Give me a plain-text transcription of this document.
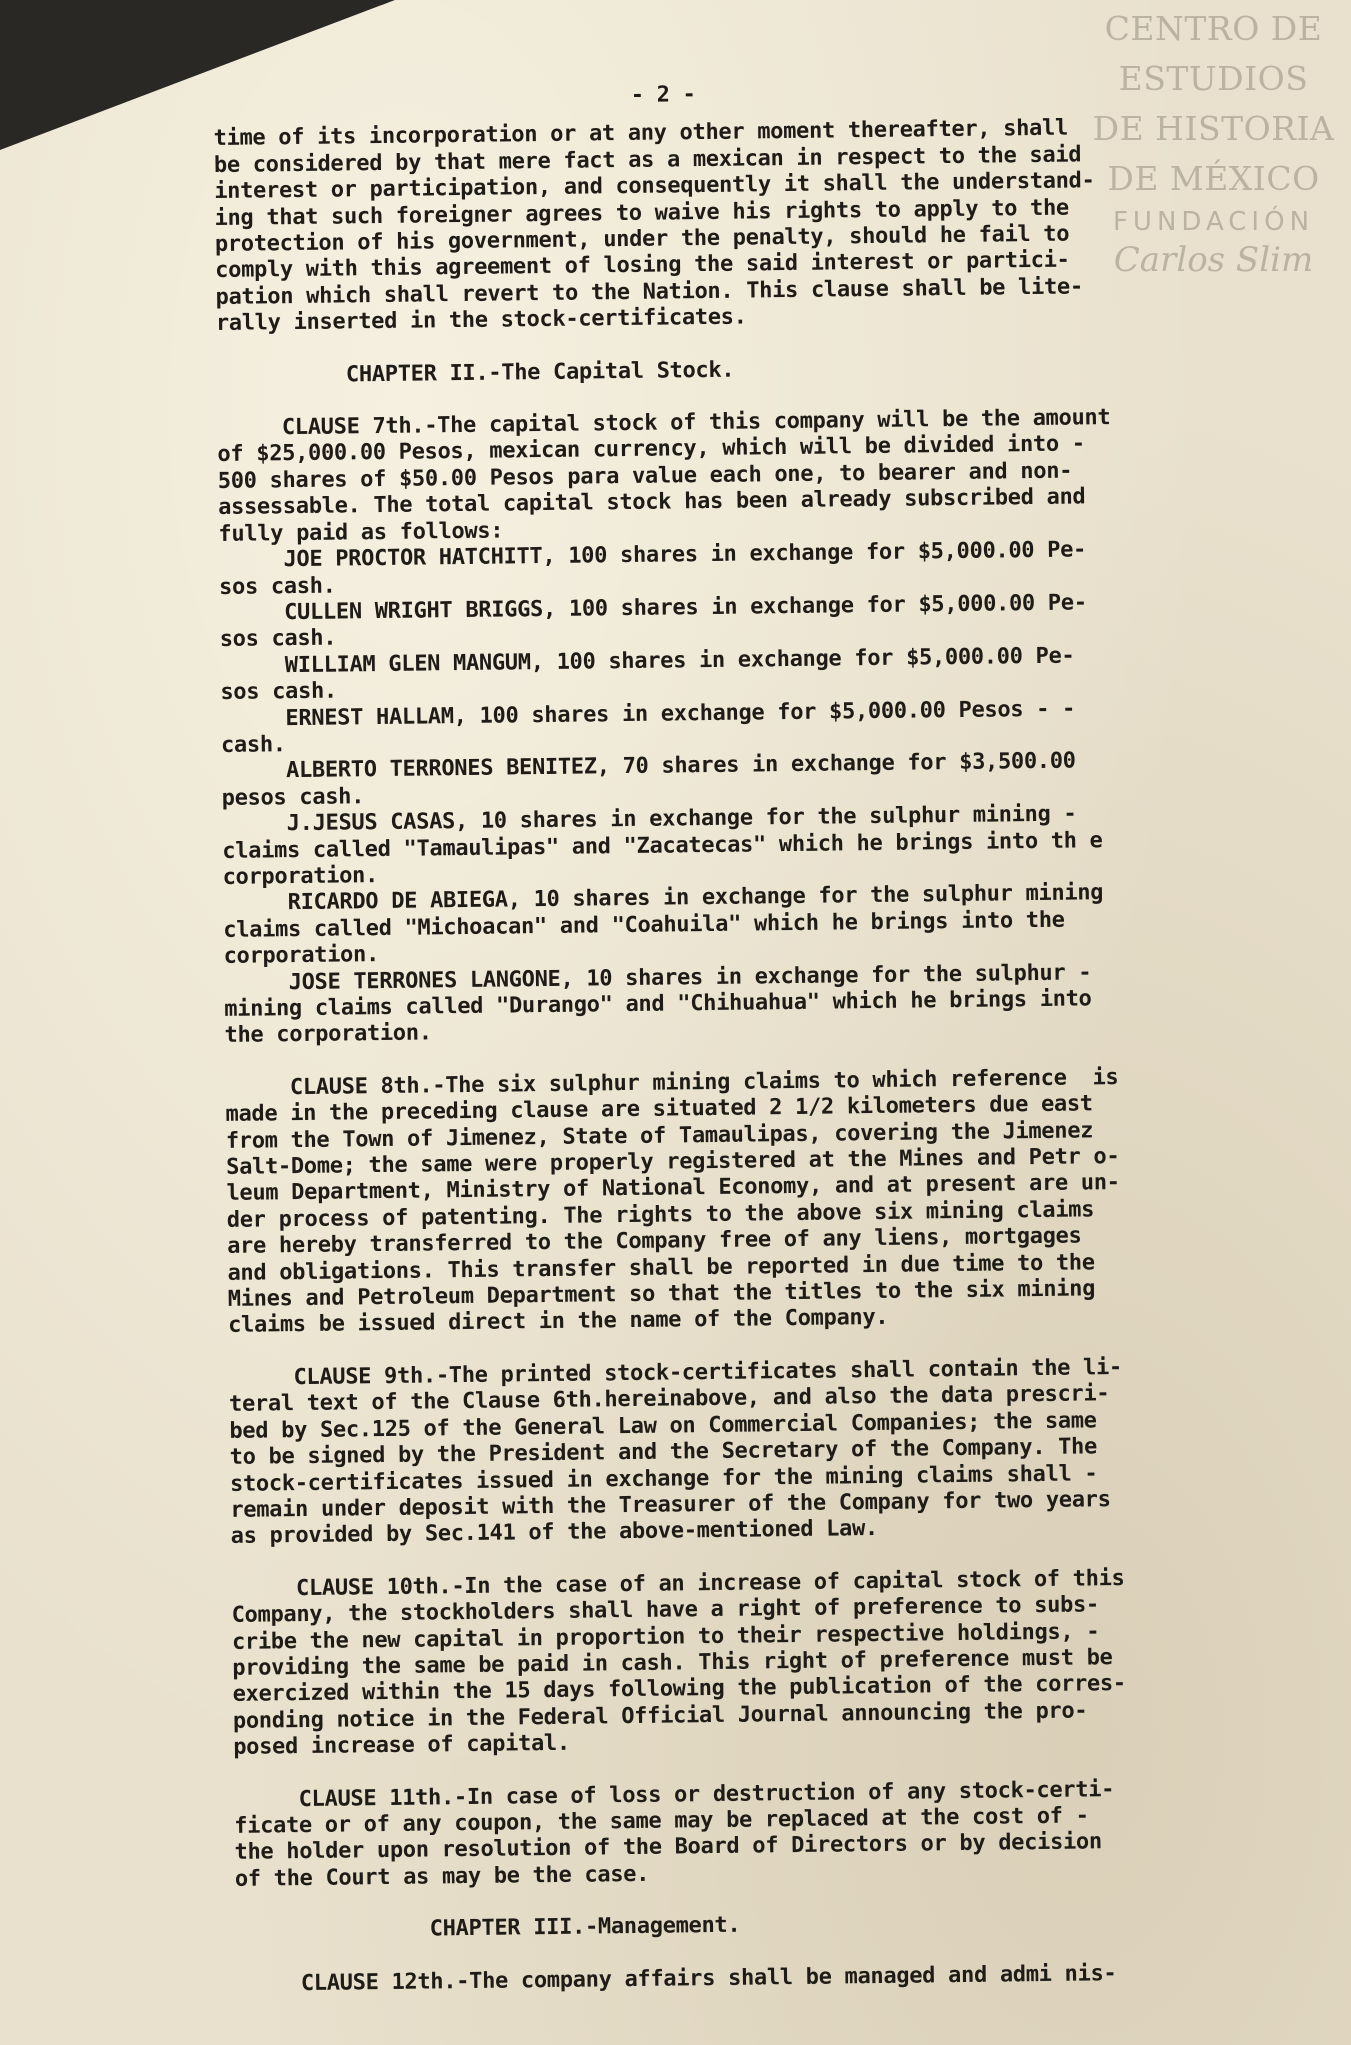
CENTRO DE
ESTUDIOS
DE HISTORIA
DE MÉXICO
FUNDACIÓN
Carlos Slim
- 2 -

time of its incorporation or at any other moment thereafter, shall
be considered by that mere fact as a mexican in respect to the said
interest or participation, and consequently it shall the understand-
ing that such foreigner agrees to waive his rights to apply to the
protection of his government, under the penalty, should he fail to
comply with this agreement of losing the said interest or partici-
pation which shall revert to the Nation. This clause shall be lite-
rally inserted in the stock-certificates.

CHAPTER II.-The Capital Stock.

CLAUSE 7th.-The capital stock of this company will be the amount
of $25,000.00 Pesos, mexican currency, which will be divided into -
500 shares of $50.00 Pesos para value each one, to bearer and non-
assessable. The total capital stock has been already subscribed and
fully paid as follows:
JOE PROCTOR HATCHITT, 100 shares in exchange for $5,000.00 Pe-
sos cash.
CULLEN WRIGHT BRIGGS, 100 shares in exchange for $5,000.00 Pe-
sos cash.
WILLIAM GLEN MANGUM, 100 shares in exchange for $5,000.00 Pe-
sos cash.
ERNEST HALLAM, 100 shares in exchange for $5,000.00 Pesos - -
cash.
ALBERTO TERRONES BENITEZ, 70 shares in exchange for $3,500.00
pesos cash.
J.JESUS CASAS, 10 shares in exchange for the sulphur mining -
claims called "Tamaulipas" and "Zacatecas" which he brings into th e
corporation.
RICARDO DE ABIEGA, 10 shares in exchange for the sulphur mining
claims called "Michoacan" and "Coahuila" which he brings into the
corporation.
JOSE TERRONES LANGONE, 10 shares in exchange for the sulphur -
mining claims called "Durango" and "Chihuahua" which he brings into
the corporation.

CLAUSE 8th.-The six sulphur mining claims to which reference  is
made in the preceding clause are situated 2 1/2 kilometers due east
from the Town of Jimenez, State of Tamaulipas, covering the Jimenez
Salt-Dome; the same were properly registered at the Mines and Petr o-
leum Department, Ministry of National Economy, and at present are un-
der process of patenting. The rights to the above six mining claims
are hereby transferred to the Company free of any liens, mortgages
and obligations. This transfer shall be reported in due time to the
Mines and Petroleum Department so that the titles to the six mining
claims be issued direct in the name of the Company.

CLAUSE 9th.-The printed stock-certificates shall contain the li-
teral text of the Clause 6th.hereinabove, and also the data prescri-
bed by Sec.125 of the General Law on Commercial Companies; the same
to be signed by the President and the Secretary of the Company. The
stock-certificates issued in exchange for the mining claims shall -
remain under deposit with the Treasurer of the Company for two years
as provided by Sec.141 of the above-mentioned Law.

CLAUSE 10th.-In the case of an increase of capital stock of this
Company, the stockholders shall have a right of preference to subs-
cribe the new capital in proportion to their respective holdings, -
providing the same be paid in cash. This right of preference must be
exercized within the 15 days following the publication of the corres-
ponding notice in the Federal Official Journal announcing the pro-
posed increase of capital.

CLAUSE 11th.-In case of loss or destruction of any stock-certi-
ficate or of any coupon, the same may be replaced at the cost of -
the holder upon resolution of the Board of Directors or by decision
of the Court as may be the case.

CHAPTER III.-Management.

CLAUSE 12th.-The company affairs shall be managed and admi nis-
